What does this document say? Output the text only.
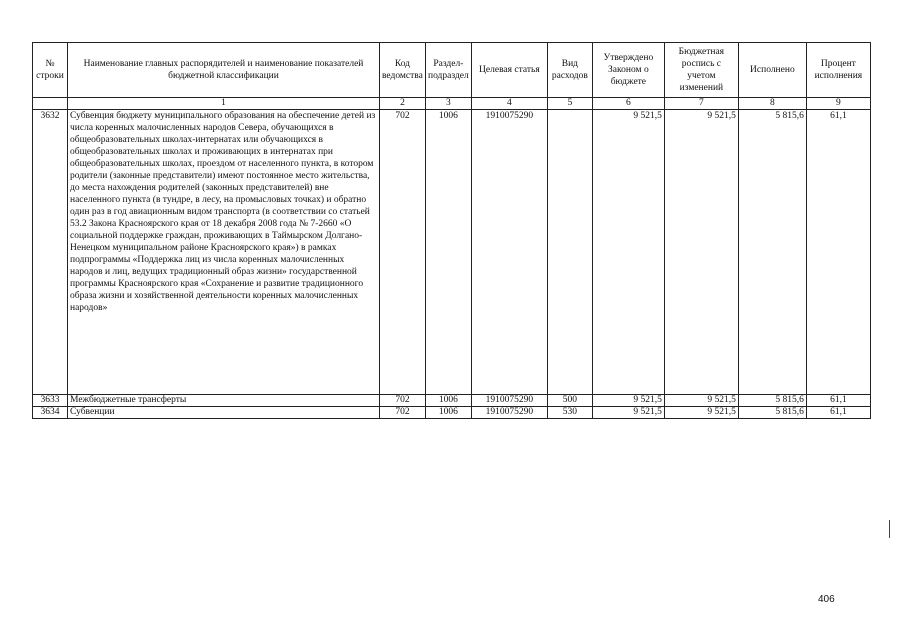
№ строки	Наименование главных распорядителей и наименование показателей бюджетной классификации	Код ведомства	Раздел-подраздел	Целевая статья	Вид расходов	Утверждено Законом о бюджете	Бюджетная роспись с учетом изменений	Исполнено	Процент исполнения
	1	2	3	4	5	6	7	8	9
3632	Субвенция бюджету муниципального образования на обеспечение детей из числа коренных малочисленных народов Севера, обучающихся в общеобразовательных школах-интернатах или обучающихся в общеобразовательных школах и проживающих в интернатах при общеобразовательных школах, проездом от населенного пункта, в котором родители (законные представители) имеют постоянное место жительства, до места нахождения родителей (законных представителей) вне населенного пункта (в тундре, в лесу, на промысловых точках) и обратно один раз в год авиационным видом транспорта (в соответствии со статьей 53.2 Закона Красноярского края от 18 декабря 2008 года № 7-2660 «О социальной поддержке граждан, проживающих в Таймырском Долгано-Ненецком муниципальном районе Красноярского края») в рамках подпрограммы «Поддержка лиц из числа коренных малочисленных народов и лиц, ведущих традиционный образ жизни» государственной программы Красноярского края «Сохранение и развитие традиционного образа жизни и хозяйственной деятельности коренных малочисленных народов»	702	1006	1910075290		9 521,5	9 521,5	5 815,6	61,1
3633	Межбюджетные трансферты	702	1006	1910075290	500	9 521,5	9 521,5	5 815,6	61,1
3634	Субвенции	702	1006	1910075290	530	9 521,5	9 521,5	5 815,6	61,1
406
